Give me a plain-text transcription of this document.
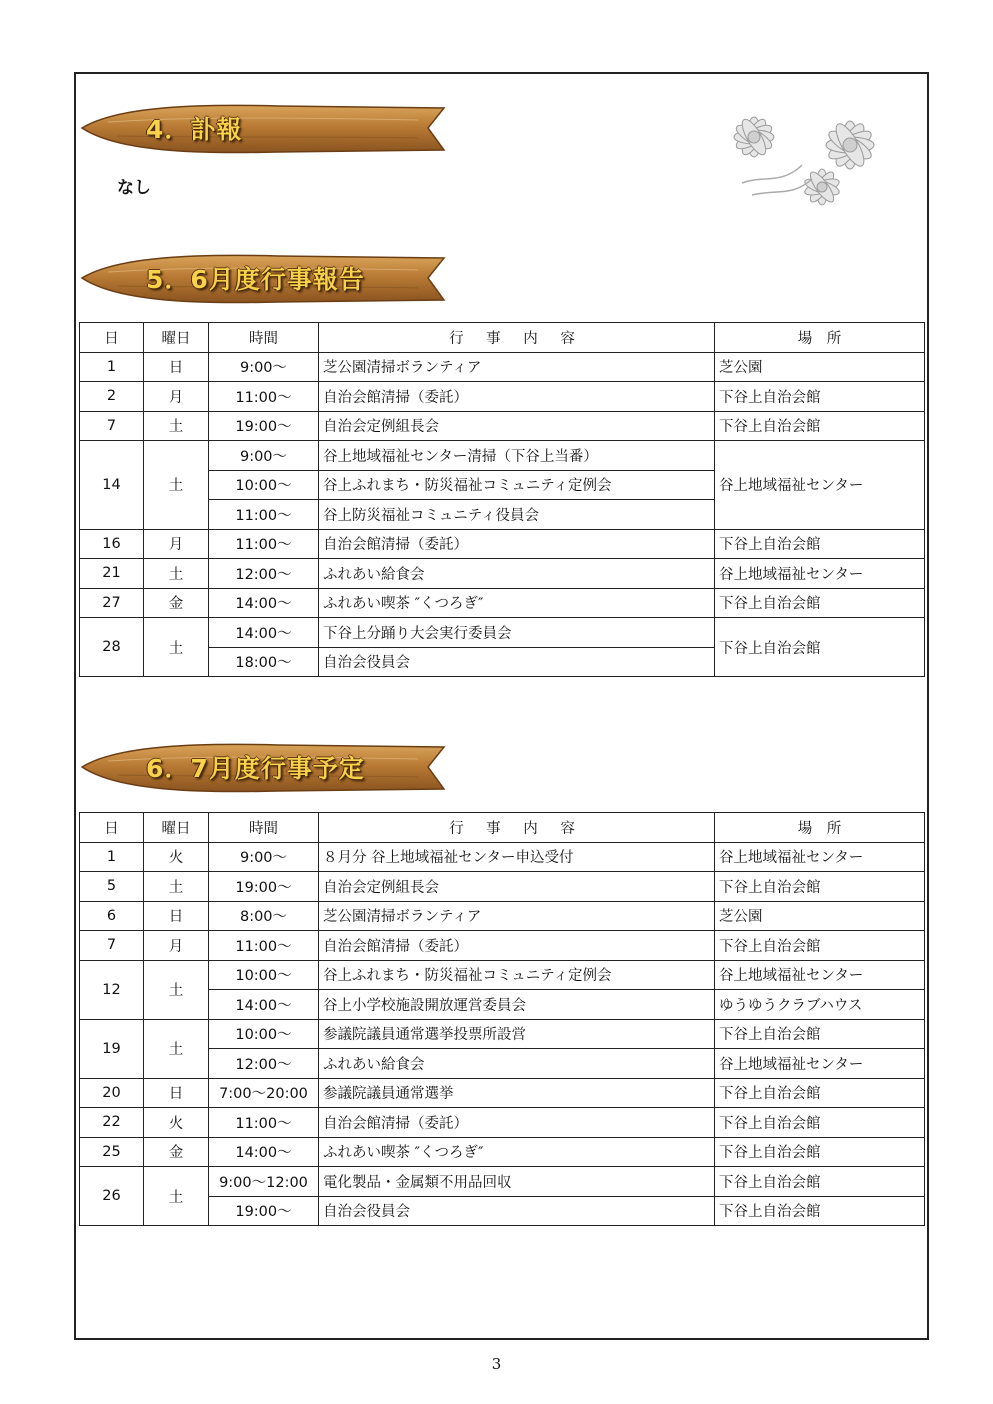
4．訃報
なし
5．6月度行事報告
日	曜日	時間	行 事 内 容	場　所
1	日	9:00～	芝公園清掃ボランティア	芝公園
2	月	11:00～	自治会館清掃（委託）	下谷上自治会館
7	土	19:00～	自治会定例組長会	下谷上自治会館
14	土	9:00～	谷上地域福祉センター清掃（下谷上当番）	谷上地域福祉センター
		10:00～	谷上ふれまち・防災福祉コミュニティ定例会	
		11:00～	谷上防災福祉コミュニティ役員会	
16	月	11:00～	自治会館清掃（委託）	下谷上自治会館
21	土	12:00～	ふれあい給食会	谷上地域福祉センター
27	金	14:00～	ふれあい喫茶 ″くつろぎ″	下谷上自治会館
28	土	14:00～	下谷上分踊り大会実行委員会	下谷上自治会館
		18:00～	自治会役員会	
6．7月度行事予定
日	曜日	時間	行 事 内 容	場　所
1	火	9:00～	８月分 谷上地域福祉センター申込受付	谷上地域福祉センター
5	土	19:00～	自治会定例組長会	下谷上自治会館
6	日	8:00～	芝公園清掃ボランティア	芝公園
7	月	11:00～	自治会館清掃（委託）	下谷上自治会館
12	土	10:00～	谷上ふれまち・防災福祉コミュニティ定例会	谷上地域福祉センター
		14:00～	谷上小学校施設開放運営委員会	ゆうゆうクラブハウス
19	土	10:00～	参議院議員通常選挙投票所設営	下谷上自治会館
		12:00～	ふれあい給食会	谷上地域福祉センター
20	日	7:00～20:00	参議院議員通常選挙	下谷上自治会館
22	火	11:00～	自治会館清掃（委託）	下谷上自治会館
25	金	14:00～	ふれあい喫茶 ″くつろぎ″	下谷上自治会館
26	土	9:00～12:00	電化製品・金属類不用品回収	下谷上自治会館
		19:00～	自治会役員会	下谷上自治会館
3
